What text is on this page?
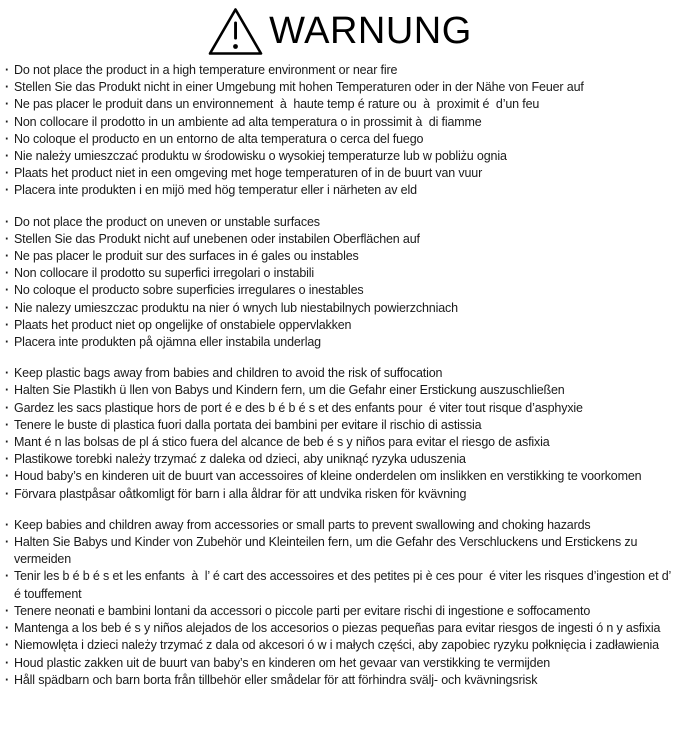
WARNUNG
· Do not place the product in a high temperature environment or near fire
· Stellen Sie das Produkt nicht in einer Umgebung mit hohen Temperaturen oder in der Nähe von Feuer auf
· Ne pas placer le produit dans un environnement  à  haute temp é rature ou  à  proximit é  d’un feu
· Non collocare il prodotto in un ambiente ad alta temperatura o in prossimit à  di fiamme
· No coloque el producto en un entorno de alta temperatura o cerca del fuego
· Nie należy umieszczać produktu w środowisku o wysokiej temperaturze lub w pobliżu ognia
· Plaats het product niet in een omgeving met hoge temperaturen of in de buurt van vuur
· Placera inte produkten i en mijö med hög temperatur eller i närheten av eld
· Do not place the product on uneven or unstable surfaces
· Stellen Sie das Produkt nicht auf unebenen oder instabilen Oberflächen auf
· Ne pas placer le produit sur des surfaces in é gales ou instables
· Non collocare il prodotto su superfici irregolari o instabili
· No coloque el producto sobre superficies irregulares o inestables
· Nie nalezy umieszczac produktu na nier ó wnych lub niestabilnych powierzchniach
· Plaats het product niet op ongelijke of onstabiele oppervlakken
· Placera inte produkten på ojämna eller instabila underlag
· Keep plastic bags away from babies and children to avoid the risk of suffocation
· Halten Sie Plastikh ü llen von Babys und Kindern fern, um die Gefahr einer Erstickung auszuschließen
· Gardez les sacs plastique hors de port é e des b é b é s et des enfants pour  é viter tout risque d’asphyxie
· Tenere le buste di plastica fuori dalla portata dei bambini per evitare il rischio di astissia
· Mant é n las bolsas de pl á stico fuera del alcance de beb é s y niños para evitar el riesgo de asfixia
· Plastikowe torebki należy trzymać z daleka od dzieci, aby uniknąć ryzyka uduszenia
· Houd baby’s en kinderen uit de buurt van accessoires of kleine onderdelen om inslikken en verstikking te voorkomen
· Förvara plastpåsar oåtkomligt för barn i alla åldrar för att undvika risken för kvävning
· Keep babies and children away from accessories or small parts to prevent swallowing and choking hazards
· Halten Sie Babys und Kinder von Zubehör und Kleinteilen fern, um die Gefahr des Verschluckens und Erstickens zu vermeiden
· Tenir les b é b é s et les enfants  à  l’ é cart des accessoires et des petites pi è ces pour  é viter les risques d’ingestion et d’ é touffement
· Tenere neonati e bambini lontani da accessori o piccole parti per evitare rischi di ingestione e soffocamento
· Mantenga a los beb é s y niños alejados de los accesorios o piezas pequeñas para evitar riesgos de ingesti ó n y asfixia
· Niemowlęta i dzieci należy trzymać z dala od akcesori ó w i małych części, aby zapobiec ryzyku połknięcia i zadławienia
· Houd plastic zakken uit de buurt van baby’s en kinderen om het gevaar van verstikking te vermijden
· Håll spädbarn och barn borta från tillbehör eller smådelar för att förhindra svälj- och kvävningsrisk
